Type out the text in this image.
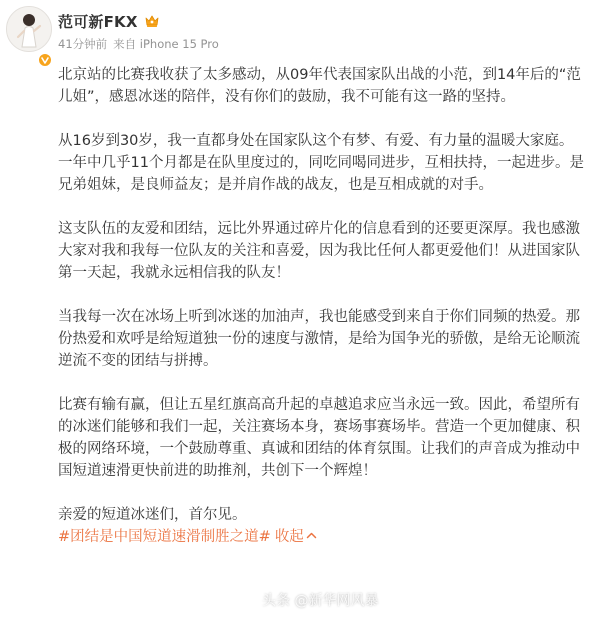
范可新FKX
41分钟前 来自 iPhone 15 Pro

北京站的比赛我收获了太多感动，从09年代表国家队出战的小范，到14年后的“范儿姐”，感恩冰迷的陪伴，没有你们的鼓励，我不可能有这一路的坚持。

从16岁到30岁，我一直都身处在国家队这个有梦、有爱、有力量的温暖大家庭。一年中几乎11个月都是在队里度过的，同吃同喝同进步，互相扶持，一起进步。是兄弟姐妹，是良师益友；是并肩作战的战友，也是互相成就的对手。

这支队伍的友爱和团结，远比外界通过碎片化的信息看到的还要更深厚。我也感激大家对我和我每一位队友的关注和喜爱，因为我比任何人都更爱他们！从进国家队第一天起，我就永远相信我的队友！

当我每一次在冰场上听到冰迷的加油声，我也能感受到来自于你们同频的热爱。那份热爱和欢呼是给短道独一份的速度与激情，是给为国争光的骄傲，是给无论顺流逆流不变的团结与拼搏。

比赛有输有赢，但让五星红旗高高升起的卓越追求应当永远一致。因此，希望所有的冰迷们能够和我们一起，关注赛场本身，赛场事赛场毕。营造一个更加健康、积极的网络环境，一个鼓励尊重、真诚和团结的体育氛围。让我们的声音成为推动中国短道速滑更快前进的助推剂，共创下一个辉煌！

亲爱的短道冰迷们，首尔见。
#团结是中国短道速滑制胜之道# 收起

头条 @新华网风暴
